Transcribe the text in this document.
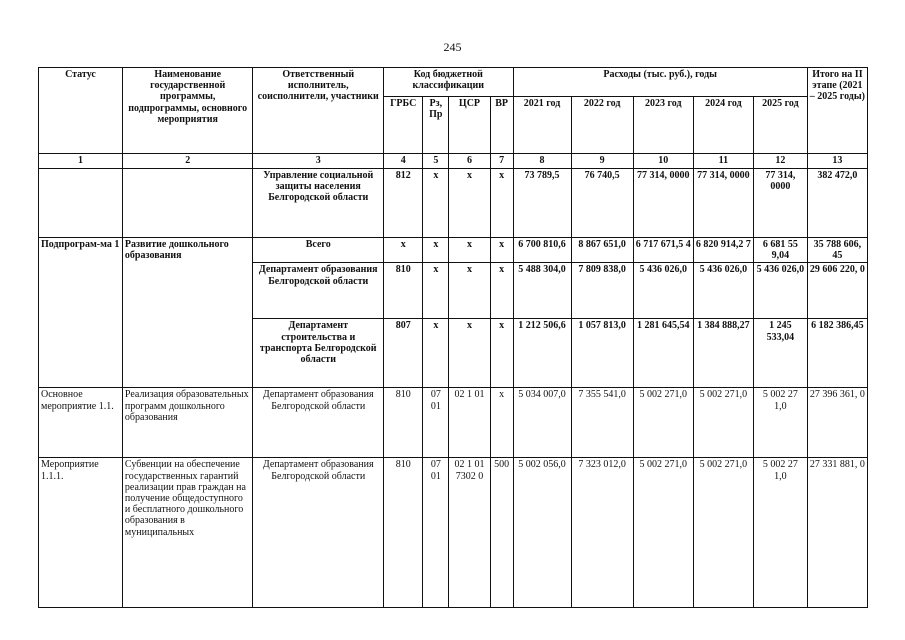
245
Статус	Наименование государственной программы, подпрограммы, основного мероприятия	Ответственный исполнитель, соисполнители, участники	Код бюджетной классификации				Расходы (тыс. руб.), годы					Итого на II этапе (2021 – 2025 годы)
			ГРБС	Рз, Пр	ЦСР	ВР	2021 год	2022 год	2023 год	2024 год	2025 год	
1	2	3	4	5	6	7	8	9	10	11	12	13
		Управление социальной защиты населения Белгородской области	812	x	x	x	73 789,5	76 740,5	77 314, 0000	77 314, 0000	77 314, 0000	382 472,0
Подпрограм-ма 1	Развитие дошкольного образования	Всего	x	x	x	x	6 700 810,6	8 867 651,0	6 717 671,5 4	6 820 914,2 7	6 681 55 9,04	35 788 606, 45
		Департамент образования Белгородской области	810	x	x	x	5 488 304,0	7 809 838,0	5 436 026,0	5 436 026,0	5 436 026,0	29 606 220, 0
		Департамент строительства и транспорта Белгородской области	807	x	x	x	1 212 506,6	1 057 813,0	1 281 645,54	1 384 888,27	1 245 533,04	6 182 386,45
Основное мероприятие 1.1.	Реализация образовательных программ дошкольного образования	Департамент образования Белгородской области	810	07 01	02 1 01	x	5 034 007,0	7 355 541,0	5 002 271,0	5 002 271,0	5 002 27 1,0	27 396 361, 0
Мероприятие 1.1.1.	Субвенции на обеспечение государственных гарантий реализации прав граждан на получение общедоступного и бесплатного дошкольного образования в муниципальных	Департамент образования Белгородской области	810	07 01	02 1 01 7302 0	500	5 002 056,0	7 323 012,0	5 002 271,0	5 002 271,0	5 002 27 1,0	27 331 881, 0
